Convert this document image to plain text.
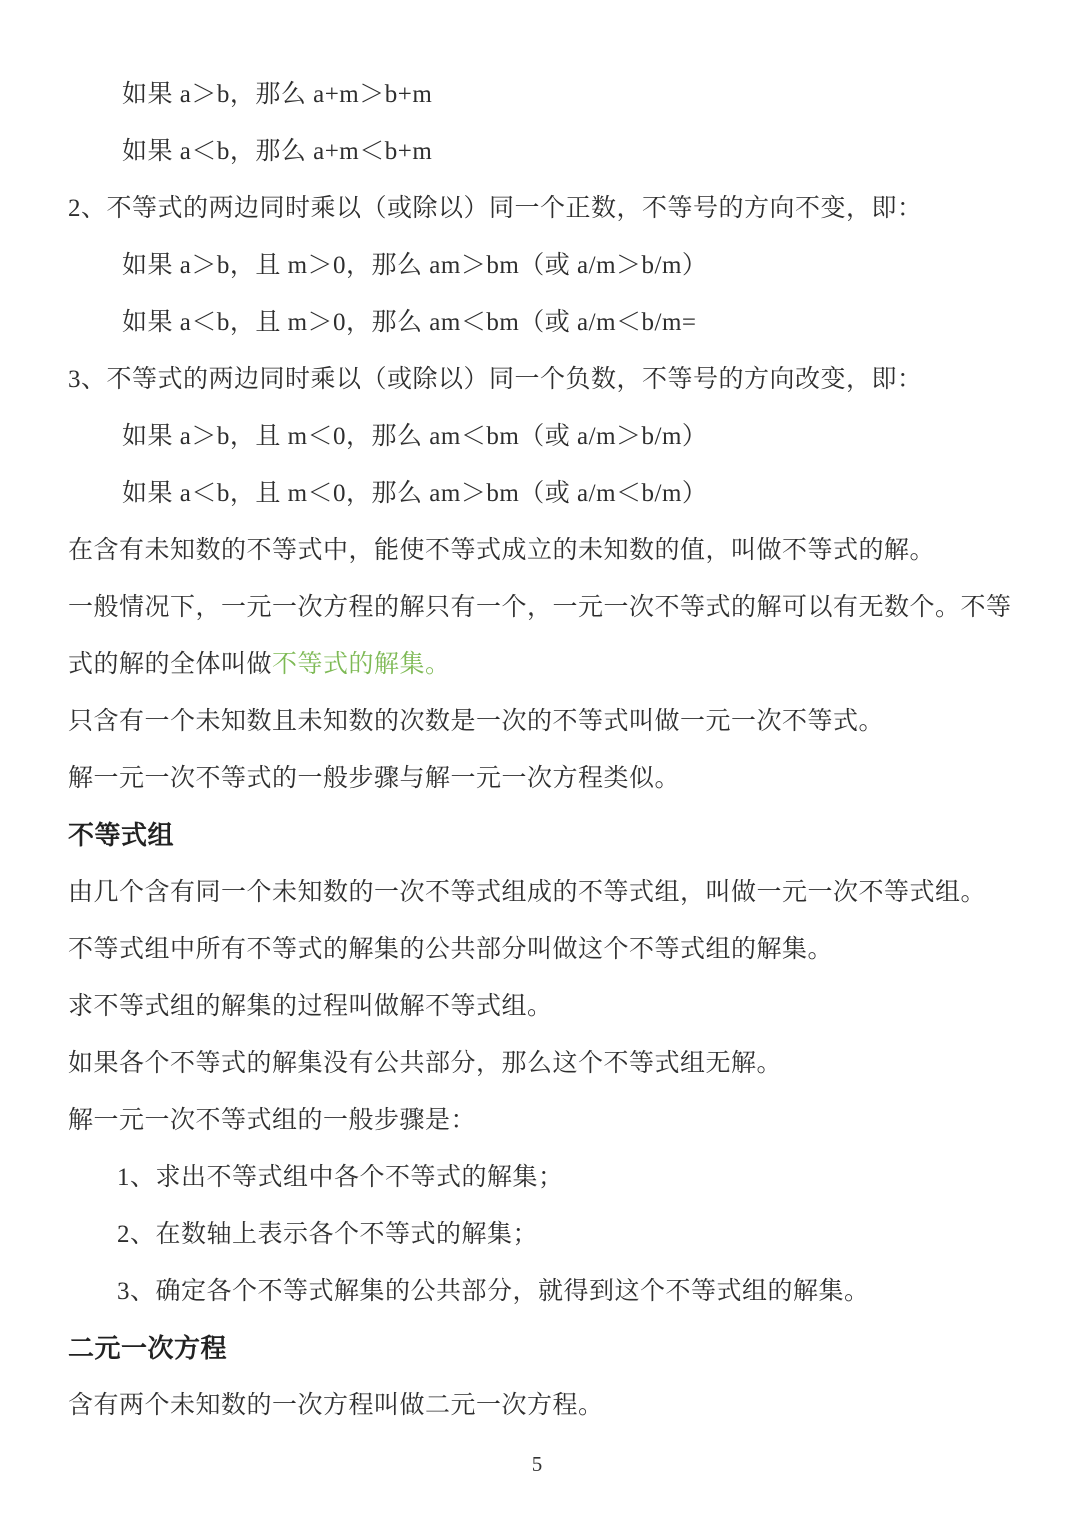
如果 a＞b，那么 a+m＞b+m
如果 a＜b，那么 a+m＜b+m
2、不等式的两边同时乘以（或除以）同一个正数，不等号的方向不变，即：
如果 a＞b，且 m＞0，那么 am＞bm（或 a/m＞b/m）
如果 a＜b，且 m＞0，那么 am＜bm（或 a/m＜b/m=
3、不等式的两边同时乘以（或除以）同一个负数，不等号的方向改变，即：
如果 a＞b，且 m＜0，那么 am＜bm（或 a/m＞b/m）
如果 a＜b，且 m＜0，那么 am＞bm（或 a/m＜b/m）
在含有未知数的不等式中，能使不等式成立的未知数的值，叫做不等式的解。
一般情况下，一元一次方程的解只有一个，一元一次不等式的解可以有无数个。不等
式的解的全体叫做不等式的解集。
只含有一个未知数且未知数的次数是一次的不等式叫做一元一次不等式。
解一元一次不等式的一般步骤与解一元一次方程类似。
不等式组
由几个含有同一个未知数的一次不等式组成的不等式组，叫做一元一次不等式组。
不等式组中所有不等式的解集的公共部分叫做这个不等式组的解集。
求不等式组的解集的过程叫做解不等式组。
如果各个不等式的解集没有公共部分，那么这个不等式组无解。
解一元一次不等式组的一般步骤是：
1、求出不等式组中各个不等式的解集；
2、在数轴上表示各个不等式的解集；
3、确定各个不等式解集的公共部分，就得到这个不等式组的解集。
二元一次方程
含有两个未知数的一次方程叫做二元一次方程。
5
